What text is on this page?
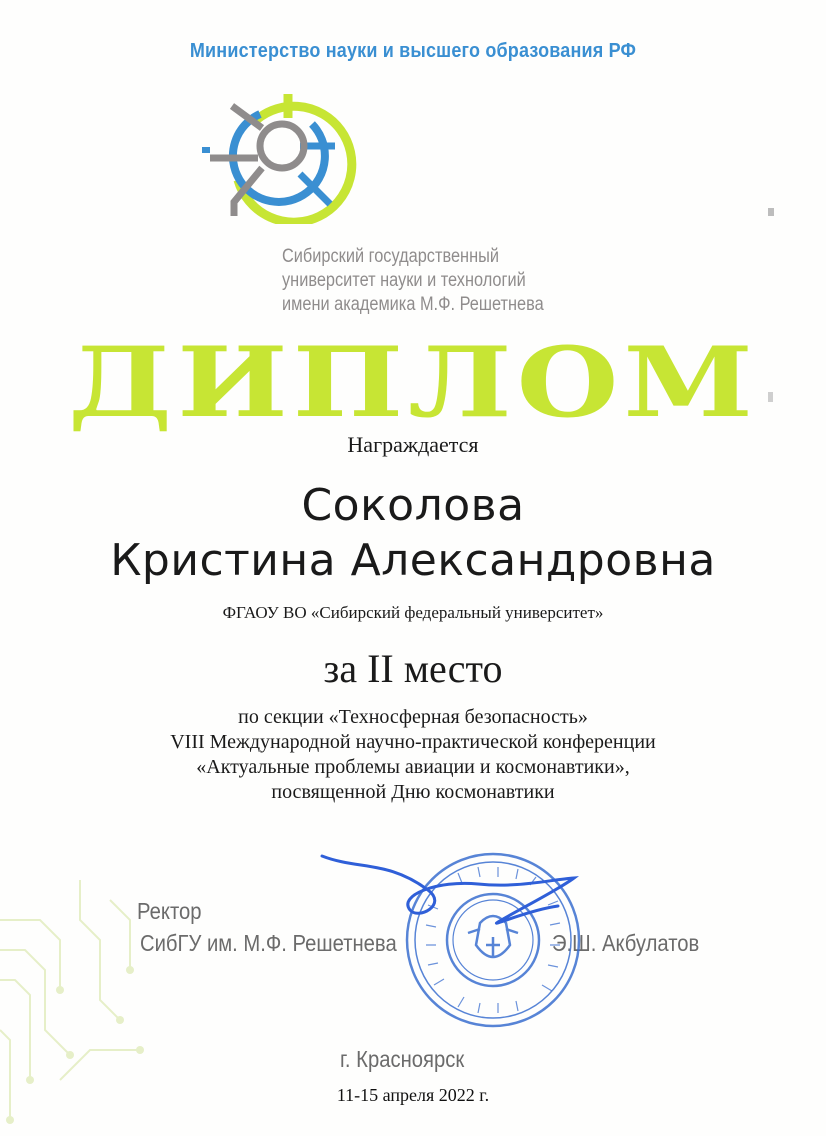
Министерство науки и высшего образования РФ
Сибирский государственный
университет науки и технологий
имени академика М.Ф. Решетнева
ДИПЛОМ
Награждается
Соколова
Кристина Александровна
ФГАОУ ВО «Сибирский федеральный университет»
за II место
по секции «Техносферная безопасность»
VIII Международной научно-практической конференции
«Актуальные проблемы авиации и космонавтики»,
посвященной Дню космонавтики
Ректор
СибГУ им. М.Ф. Решетнева	Э.Ш. Акбулатов
г. Красноярск
11-15 апреля 2022 г.
